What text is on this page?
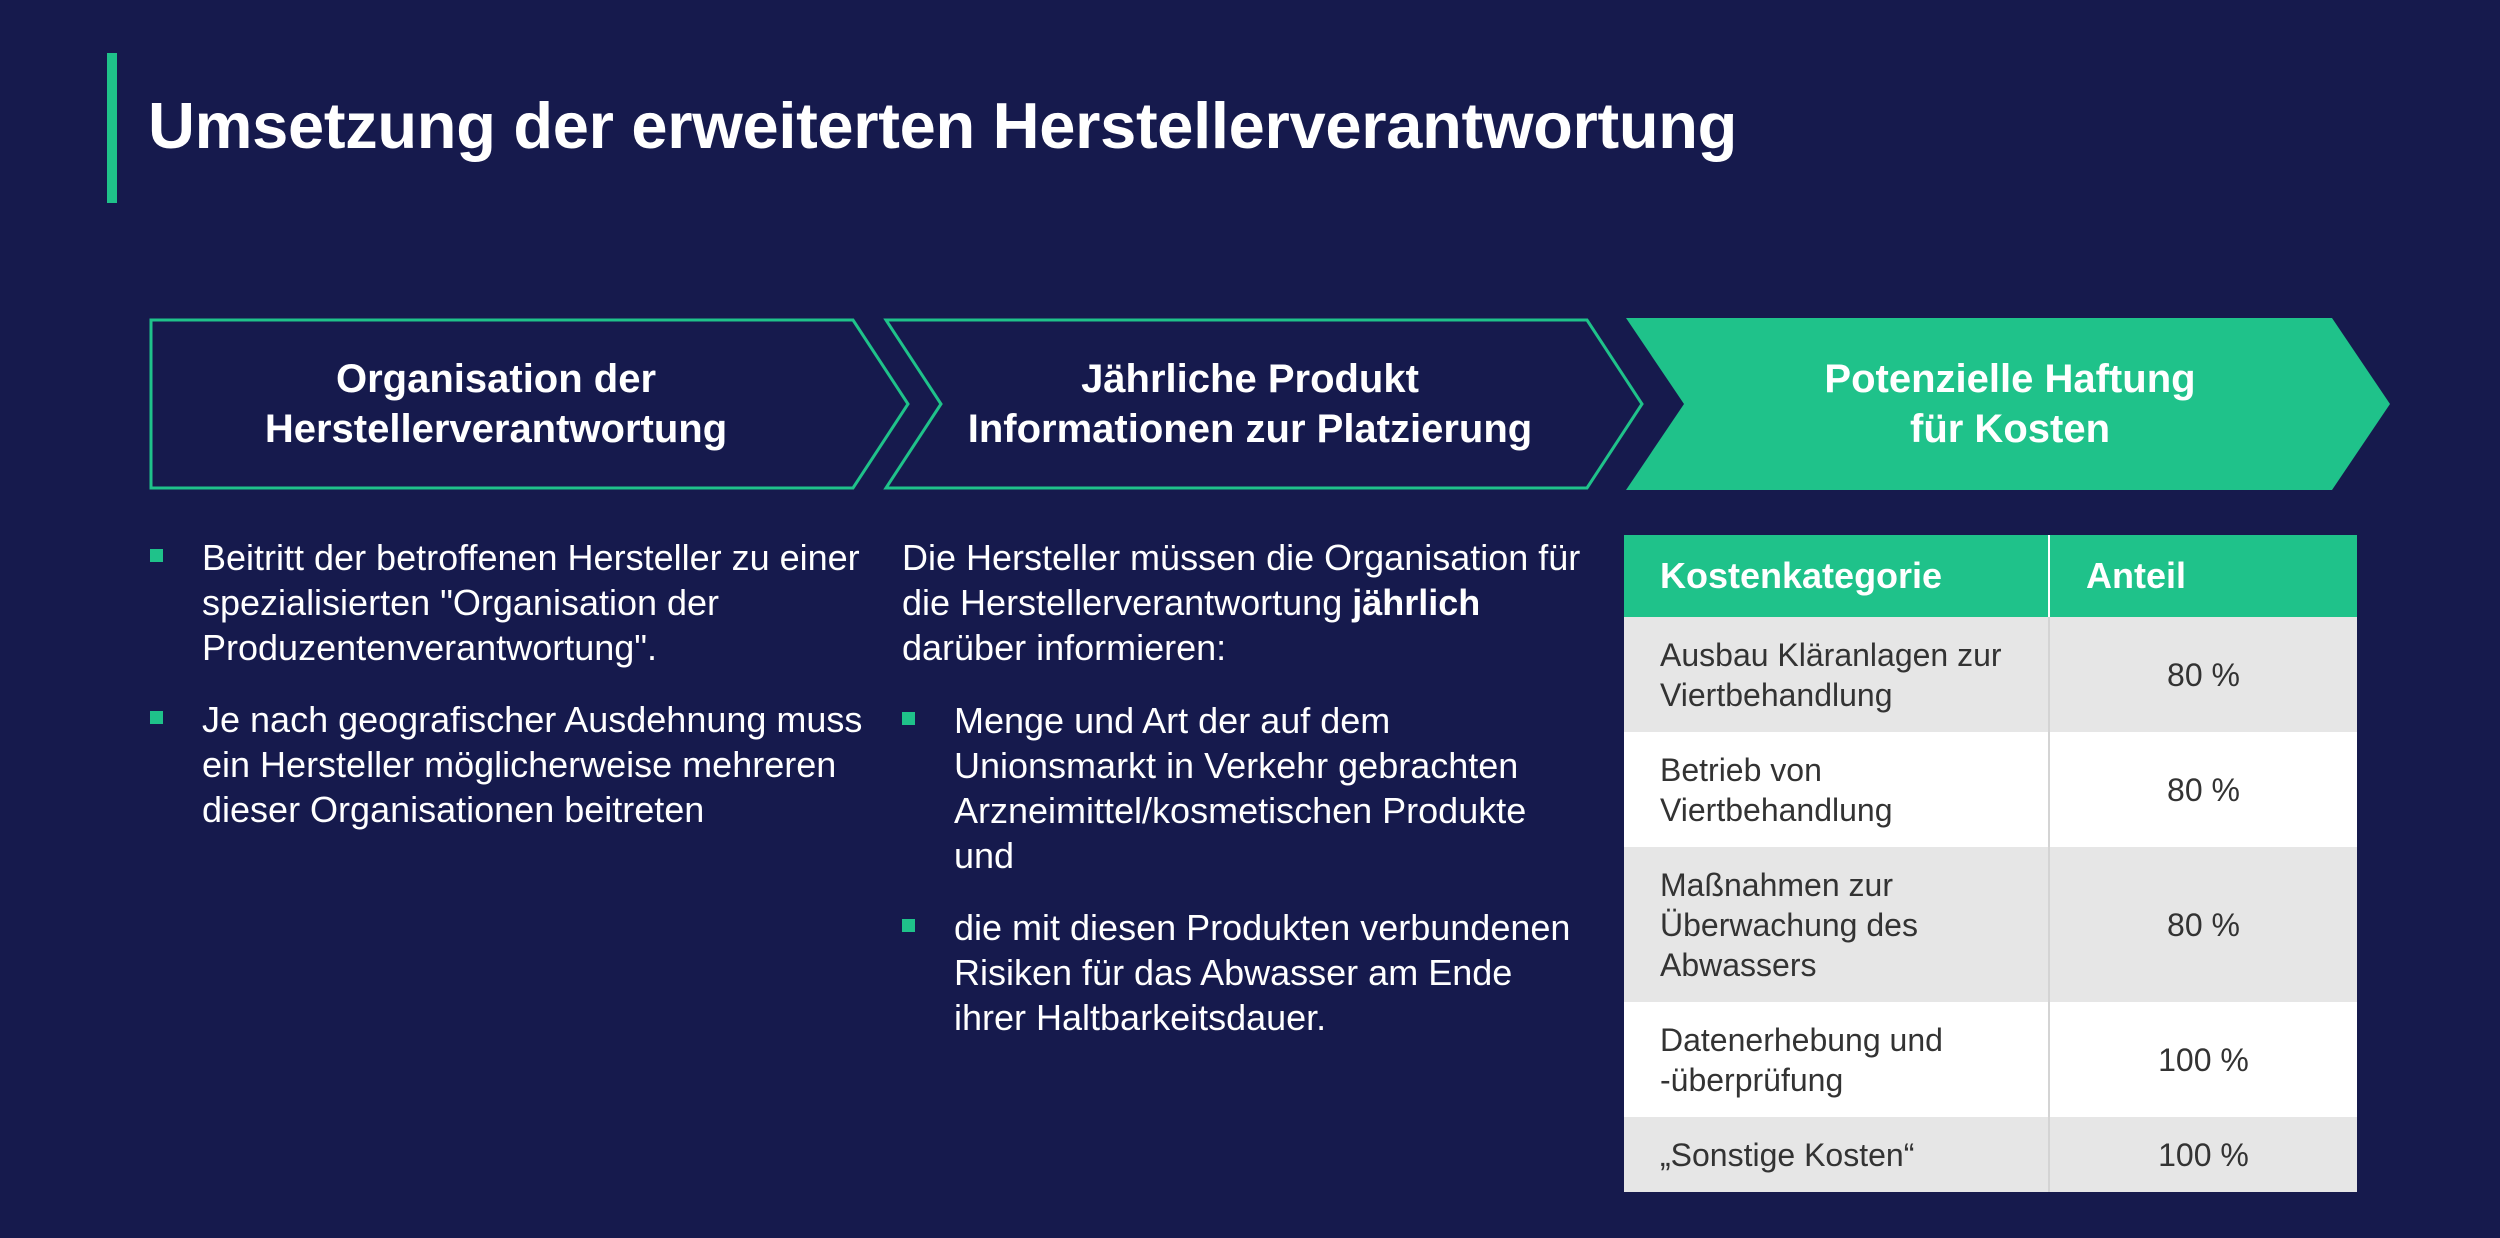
Umsetzung der erweiterten Herstellerverantwortung
Organisation der
Herstellerverantwortung
Jährliche Produkt
Informationen zur Platzierung
Potenzielle Haftung
für Kosten
Beitritt der betroffenen Hersteller zu einer spezialisierten "Organisation der Produzentenverantwortung".
Je nach geografischer Ausdehnung muss ein Hersteller möglicherweise mehreren dieser Organisationen beitreten

Die Hersteller müssen die Organisation für die Herstellerverantwortung jährlich darüber informieren:

Menge und Art der auf dem Unionsmarkt in Verkehr gebrachten Arzneimittel/kosmetischen Produkte und
die mit diesen Produkten verbundenen Risiken für das Abwasser am Ende ihrer Haltbarkeitsdauer.
Kostenkategorie	Anteil
Ausbau Kläranlagen zur Viertbehandlung	80 %
Betrieb von Viertbehandlung	80 %
Maßnahmen zur Überwachung des Abwassers	80 %
Datenerhebung und -überprüfung	100 %
„Sonstige Kosten“	100 %
